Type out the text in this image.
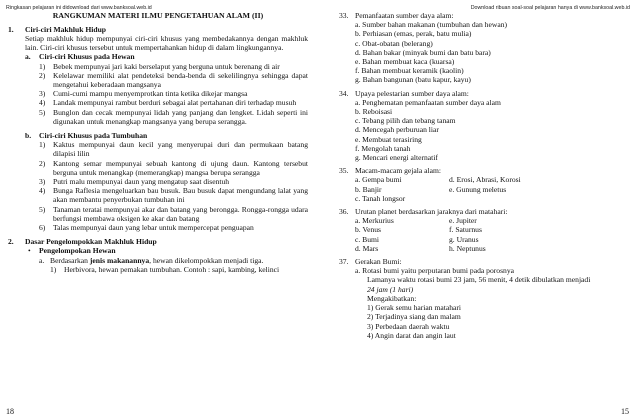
Ringkasan pelajaran ini didownload dari www.banksoal.web.id	Download ribuan soal-soal pelajaran hanya di www.banksoal.web.id
RANGKUMAN MATERI ILMU PENGETAHUAN ALAM (II)
1. Ciri-ciri Makhluk Hidup
Setiap makhluk hidup mempunyai ciri-ciri khusus yang membedakannya dengan makhluk lain. Ciri-ciri khusus tersebut untuk mempertahankan hidup di dalam lingkungannya.
a. Ciri-ciri Khusus pada Hewan
1) Bebek mempunyai jari kaki berselaput yang berguna untuk berenang di air
2) Kelelawar memiliki alat pendeteksi benda-benda di sekelilingnya sehingga dapat mengetahui keberadaan mangsanya
3) Cumi-cumi mampu menyemprotkan tinta ketika dikejar mangsa
4) Landak mempunyai rambut berduri sebagai alat pertahanan diri terhadap musuh
5) Bunglon dan cecak mempunyai lidah yang panjang dan lengket. Lidah seperti ini digunakan untuk menangkap mangsanya yang berupa serangga.
b. Ciri-ciri Khusus pada Tumbuhan
1) Kaktus mempunyai daun kecil yang menyerupai duri dan permukaan batang dilapisi lilin
2) Kantong semar mempunyai sebuah kantong di ujung daun. Kantong tersebut berguna untuk menangkap (memerangkap) mangsa berupa serangga
3) Putri malu mempunyai daun yang mengatup saat disentuh
4) Bunga Raflesia mengeluarkan bau busuk. Bau busuk dapat mengundang lalat yang akan membantu penyerbukan tumbuhan ini
5) Tanaman teratai mempunyai akar dan batang yang berongga. Rongga-rongga udara berfungsi membawa oksigen ke akar dan batang
6) Talas mempunyai daun yang lebar untuk mempercepat penguapan
2. Dasar Pengelompokkan Makhluk Hidup
• Pengelompokan Hewan
a. Berdasarkan jenis makanannya, hewan dikelompokkan menjadi tiga.
1) Herbivora, hewan pemakan tumbuhan. Contoh : sapi, kambing, kelinci
33. Pemanfaatan sumber daya alam:
a. Sumber bahan makanan (tumbuhan dan hewan)
b. Perhiasan (emas, perak, batu mulia)
c. Obat-obatan (belerang)
d. Bahan bakar (minyak bumi dan batu bara)
e. Bahan membuat kaca (kuarsa)
f. Bahan membuat keramik (kaolin)
g. Bahan bangunan (batu kapur, kayu)
34. Upaya pelestarian sumber daya alam:
a. Penghematan pemanfaatan sumber daya alam
b. Reboisasi
c. Tebang pilih dan tebang tanam
d. Mencegah perburuan liar
e. Membuat terasiring
f. Mengolah tanah
g. Mencari energi alternatif
35. Macam-macam gejala alam:
a. Gempa bumi	d. Erosi, Abrasi, Korosi
b. Banjir	e. Gunung meletus
c. Tanah longsor
36. Urutan planet berdasarkan jaraknya dari matahari:
a. Merkurius	e. Jupiter
b. Venus	f. Saturnus
c. Bumi	g. Uranus
d. Mars	h. Neptunus
37. Gerakan Bumi:
a. Rotasi bumi yaitu perputaran bumi pada porosnya
Lamanya waktu rotasi bumi 23 jam, 56 menit, 4 detik dibulatkan menjadi
24 jam (1 hari)
Mengakibatkan:
1) Gerak semu harian matahari
2) Terjadinya siang dan malam
3) Perbedaan daerah waktu
4) Angin darat dan angin laut
18	15
